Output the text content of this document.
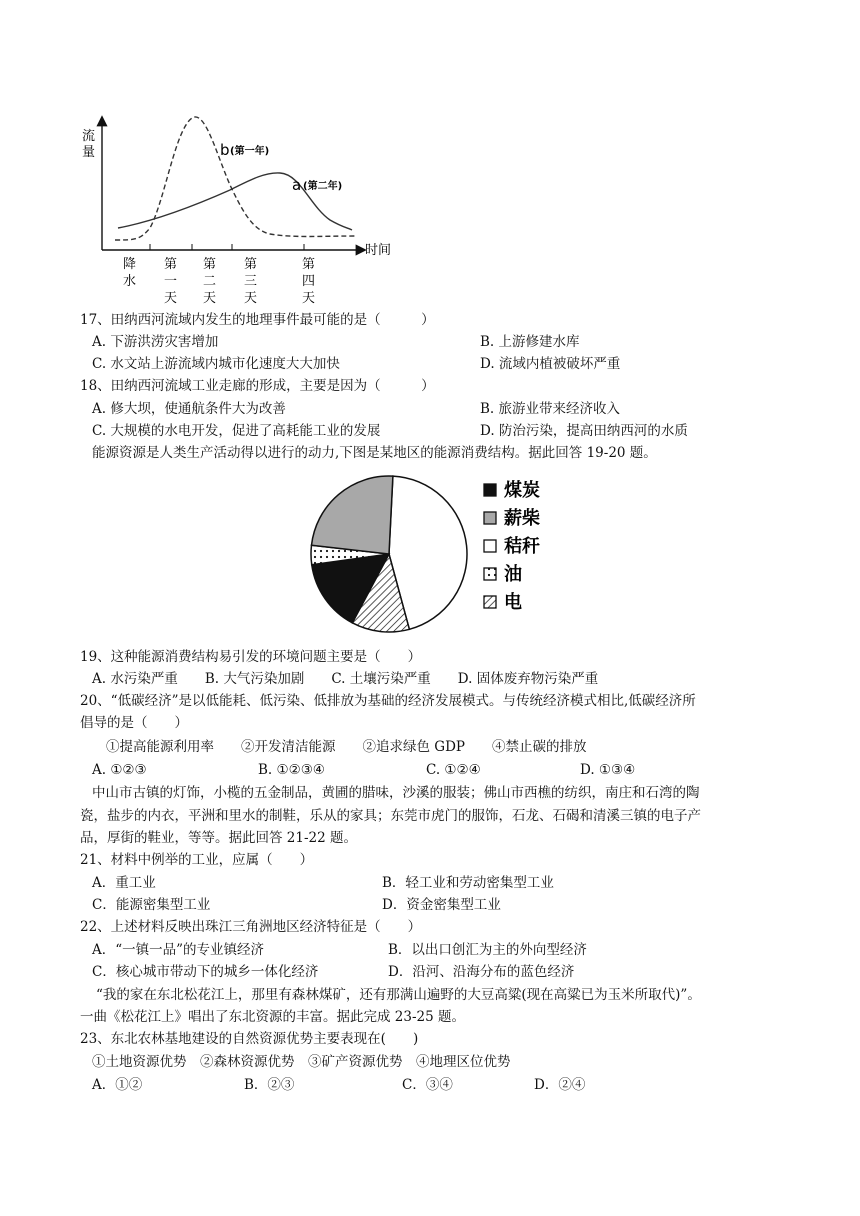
流
量
时间
b (第一年)
a (第二年)
降
水
第
一
天
第
二
天
第
三
天
第
四
天
17、田纳西河流域内发生的地理事件最可能的是（　　　）
A. 下游洪涝灾害增加	B. 上游修建水库
C. 水文站上游流域内城市化速度大大加快	D. 流域内植被破坏严重
18、田纳西河流域工业走廊的形成，主要是因为（　　　）
A. 修大坝，使通航条件大为改善	B. 旅游业带来经济收入
C. 大规模的水电开发，促进了高耗能工业的发展	D. 防治污染，提高田纳西河的水质
能源资源是人类生产活动得以进行的动力,下图是某地区的能源消费结构。据此回答 19-20 题。
煤炭
薪柴
秸秆
油
电
19、这种能源消费结构易引发的环境问题主要是（　　）
A. 水污染严重　　B. 大气污染加剧　　C. 土壤污染严重　　D. 固体废弃物污染严重
20、“低碳经济”是以低能耗、低污染、低排放为基础的经济发展模式。与传统经济模式相比,低碳经济所
倡导的是（　　）
①提高能源利用率　　②开发清洁能源　　②追求绿色 GDP　　④禁止碳的排放
A. ①②③	B. ①②③④	C. ①②④	D. ①③④
中山市古镇的灯饰，小榄的五金制品，黄圃的腊味，沙溪的服装；佛山市西樵的纺织，南庄和石湾的陶
瓷，盐步的内衣，平洲和里水的制鞋，乐从的家具；东莞市虎门的服饰，石龙、石碣和清溪三镇的电子产
品，厚街的鞋业，等等。据此回答 21-22 题。
21、材料中例举的工业，应属（　　）
A．重工业	B．轻工业和劳动密集型工业
C．能源密集型工业	D．资金密集型工业
22、上述材料反映出珠江三角洲地区经济特征是（　　）
A．“一镇一品”的专业镇经济	B．以出口创汇为主的外向型经济
C．核心城市带动下的城乡一体化经济	D．沿河、沿海分布的蓝色经济
“我的家在东北松花江上，那里有森林煤矿，还有那满山遍野的大豆高粱(现在高粱已为玉米所取代)”。
一曲《松花江上》唱出了东北资源的丰富。据此完成 23-25 题。
23、东北农林基地建设的自然资源优势主要表现在(　　)
①土地资源优势　②森林资源优势　③矿产资源优势　④地理区位优势
A．①②	B．②③	C．③④	D．②④
